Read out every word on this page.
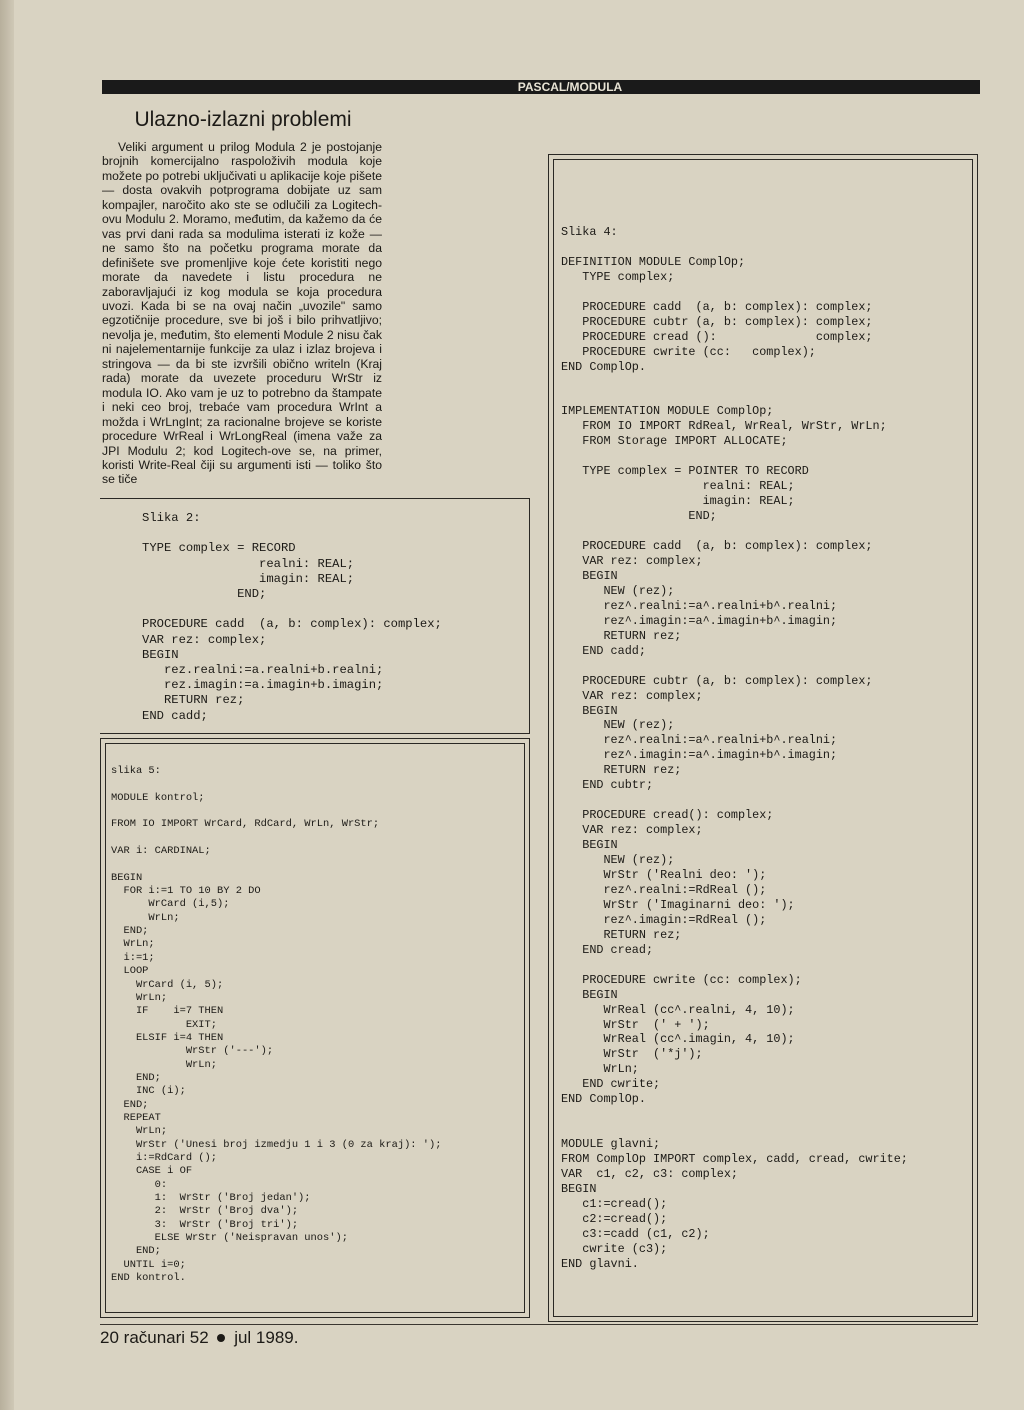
PASCAL/MODULA
Ulazno-izlazni problemi

Veliki argument u prilog Modula 2 je postojanje brojnih komercijalno raspoloživih modula koje možete po potrebi uključivati u aplikacije koje pišete — dosta ovakvih potprograma dobijate uz sam kompajler, naročito ako ste se odlučili za Logitech-ovu Modulu 2. Moramo, međutim, da kažemo da će vas prvi dani rada sa modulima isterati iz kože — ne samo što na početku programa morate da definišete sve promenljive koje ćete koristiti nego morate da navedete i listu procedura ne zaboravljajući iz kog modula se koja procedura uvozi. Kada bi se na ovaj način „uvozile" samo egzotičnije procedure, sve bi još i bilo prihvatljivo; nevolja je, međutim, što elementi Module 2 nisu čak ni najelementarnije funkcije za ulaz i izlaz brojeva i stringova — da bi ste izvršili obično writeln (Kraj rada) morate da uvezete proceduru WrStr iz modula IO. Ako vam je uz to potrebno da štampate i neki ceo broj, trebaće vam procedura WrInt a možda i WrLngInt; za racionalne brojeve se koriste procedure WrReal i WrLongReal (imena važe za JPI Modulu 2; kod Logitech-ove se, na primer, koristi Write-Real čiji su argumenti isti — toliko što se tiče

Slika 2:

TYPE complex = RECORD
realni: REAL;
imagin: REAL;
END;

PROCEDURE cadd  (a, b: complex): complex;
VAR rez: complex;
BEGIN
rez.realni:=a.realni+b.realni;
rez.imagin:=a.imagin+b.imagin;
RETURN rez;
END cadd;
slika 5:

MODULE kontrol;

FROM IO IMPORT WrCard, RdCard, WrLn, WrStr;

VAR i: CARDINAL;

BEGIN
FOR i:=1 TO 10 BY 2 DO
WrCard (i,5);
WrLn;
END;
WrLn;
i:=1;
LOOP
WrCard (i, 5);
WrLn;
IF    i=7 THEN
EXIT;
ELSIF i=4 THEN
WrStr ('---');
WrLn;
END;
INC (i);
END;
REPEAT
WrLn;
WrStr ('Unesi broj izmedju 1 i 3 (0 za kraj): ');
i:=RdCard ();
CASE i OF
0:
1:  WrStr ('Broj jedan');
2:  WrStr ('Broj dva');
3:  WrStr ('Broj tri');
ELSE WrStr ('Neispravan unos');
END;
UNTIL i=0;
END kontrol.
Slika 4:

DEFINITION MODULE ComplOp;
TYPE complex;

PROCEDURE cadd  (a, b: complex): complex;
PROCEDURE cubtr (a, b: complex): complex;
PROCEDURE cread ():              complex;
PROCEDURE cwrite (cc:   complex);
END ComplOp.

IMPLEMENTATION MODULE ComplOp;
FROM IO IMPORT RdReal, WrReal, WrStr, WrLn;
FROM Storage IMPORT ALLOCATE;

TYPE complex = POINTER TO RECORD
realni: REAL;
imagin: REAL;
END;

PROCEDURE cadd  (a, b: complex): complex;
VAR rez: complex;
BEGIN
NEW (rez);
rez^.realni:=a^.realni+b^.realni;
rez^.imagin:=a^.imagin+b^.imagin;
RETURN rez;
END cadd;

PROCEDURE cubtr (a, b: complex): complex;
VAR rez: complex;
BEGIN
NEW (rez);
rez^.realni:=a^.realni+b^.realni;
rez^.imagin:=a^.imagin+b^.imagin;
RETURN rez;
END cubtr;

PROCEDURE cread(): complex;
VAR rez: complex;
BEGIN
NEW (rez);
WrStr ('Realni deo: ');
rez^.realni:=RdReal ();
WrStr ('Imaginarni deo: ');
rez^.imagin:=RdReal ();
RETURN rez;
END cread;

PROCEDURE cwrite (cc: complex);
BEGIN
WrReal (cc^.realni, 4, 10);
WrStr  (' + ');
WrReal (cc^.imagin, 4, 10);
WrStr  ('*j');
WrLn;
END cwrite;
END ComplOp.

MODULE glavni;
FROM ComplOp IMPORT complex, cadd, cread, cwrite;
VAR  c1, c2, c3: complex;
BEGIN
c1:=cread();
c2:=cread();
c3:=cadd (c1, c2);
cwrite (c3);
END glavni.
20 računari 52 jul 1989.
